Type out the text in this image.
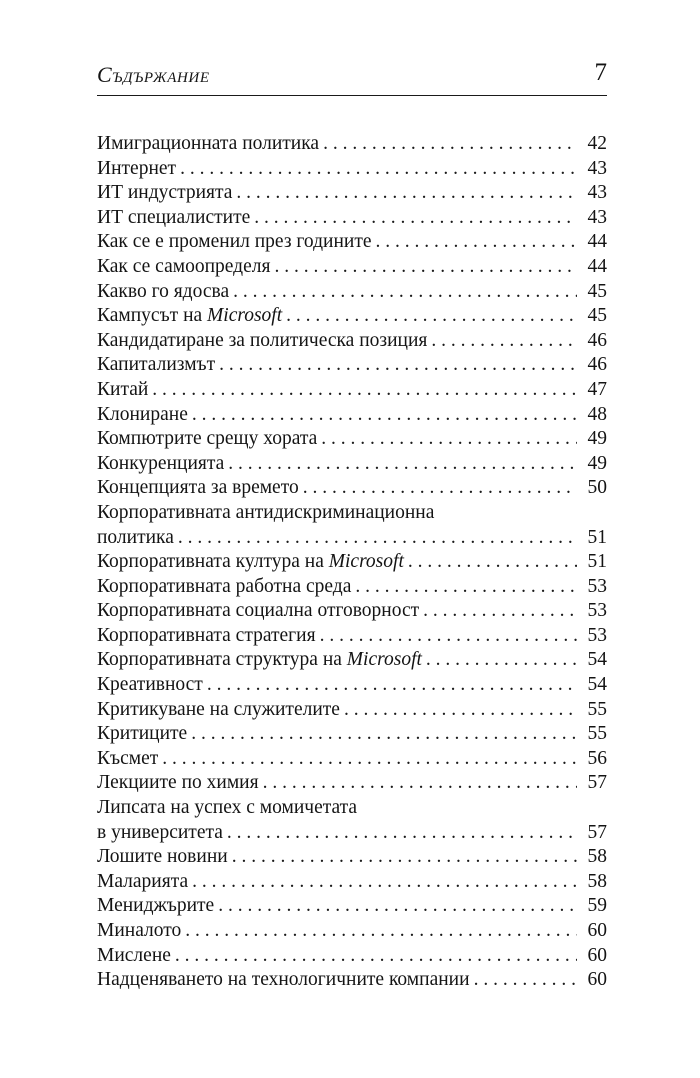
Съдържание	7
Имиграционната политика . . .	42
Интернет . . .	43
ИТ индустрията . . .	43
ИТ специалистите . . .	43
Как се е променил през годините . . .	44
Как се самоопределя . . .	44
Какво го ядосва . . .	45
Кампусът на Microsoft . . .	45
Кандидатиране за политическа позиция . . .	46
Капитализмът . . .	46
Китай . . .	47
Клониране . . .	48
Компютрите срещу хората . . .	49
Конкуренцията . . .	49
Концепцията за времето . . .	50
Корпоративната антидискриминационна
политика . . .	51
Корпоративната култура на Microsoft . . .	51
Корпоративната работна среда . . .	53
Корпоративната социална отговорност . . .	53
Корпоративната стратегия . . .	53
Корпоративната структура на Microsoft . . .	54
Креативност . . .	54
Критикуване на служителите . . .	55
Критиците . . .	55
Късмет . . .	56
Лекциите по химия . . .	57
Липсата на успех с момичетата
в университета . . .	57
Лошите новини . . .	58
Маларията . . .	58
Мениджърите . . .	59
Миналото . . .	60
Мислене . . .	60
Надценяването на технологичните компании . . .	60
